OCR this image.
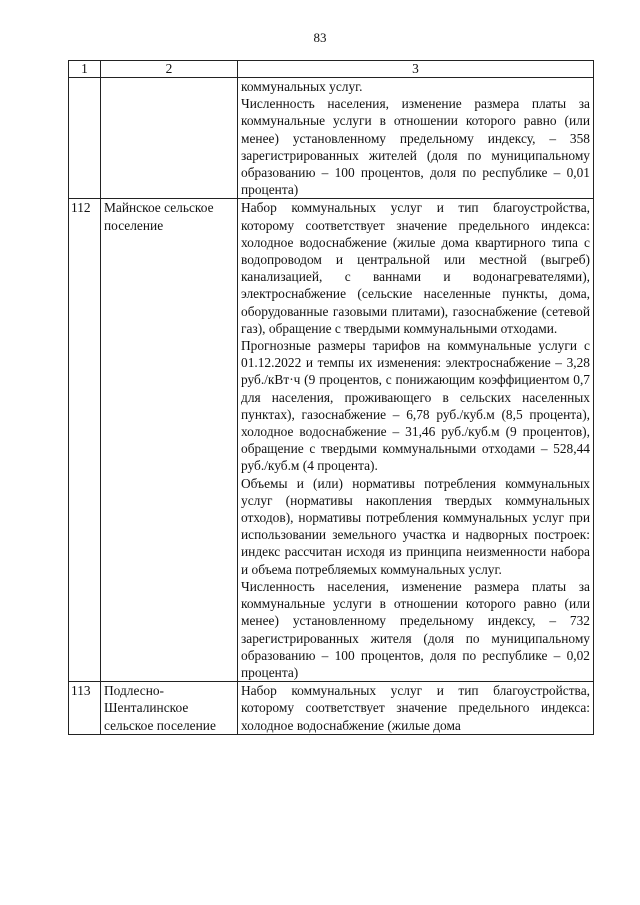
83
1	2	3

		коммунальных услуг.

Численность населения, изменение размера платы за коммунальные услуги в отношении которого равно (или менее) установленному предельному индексу, – 358 зарегистрированных жителей (доля по муниципальному образованию – 100 процентов, доля по республике – 0,01 процента)

112	Майнское сельское поселение	Набор коммунальных услуг и тип благоустройства, которому соответствует значение предельного индекса: холодное водоснабжение (жилые дома квартирного типа с водопроводом и центральной или местной (выгреб) канализацией, с ваннами и водонагревателями), электроснабжение (сельские населенные пункты, дома, оборудованные газовыми плитами), газоснабжение (сетевой газ), обращение с твердыми коммунальными отходами.

Прогнозные размеры тарифов на коммунальные услуги с 01.12.2022 и темпы их изменения: электроснабжение – 3,28 руб./кВт·ч (9 процентов, с понижающим коэффициентом 0,7 для населения, проживающего в сельских населенных пунктах), газоснабжение – 6,78 руб./куб.м (8,5 процента), холодное водоснабжение – 31,46 руб./куб.м (9 процентов), обращение с твердыми коммунальными отходами – 528,44 руб./куб.м (4 процента).

Объемы и (или) нормативы потребления коммунальных услуг (нормативы накопления твердых коммунальных отходов), нормативы потребления коммунальных услуг при использовании земельного участка и надворных построек: индекс рассчитан исходя из принципа неизменности набора и объема потребляемых коммунальных услуг.

Численность населения, изменение размера платы за коммунальные услуги в отношении которого равно (или менее) установленному предельному индексу, – 732 зарегистрированных жителя (доля по муниципальному образованию – 100 процентов, доля по республике – 0,02 процента)

113	Подлесно-Шенталинское сельское поселение	Набор коммунальных услуг и тип благоустройства, которому соответствует значение предельного индекса: холодное водоснабжение (жилые дома
